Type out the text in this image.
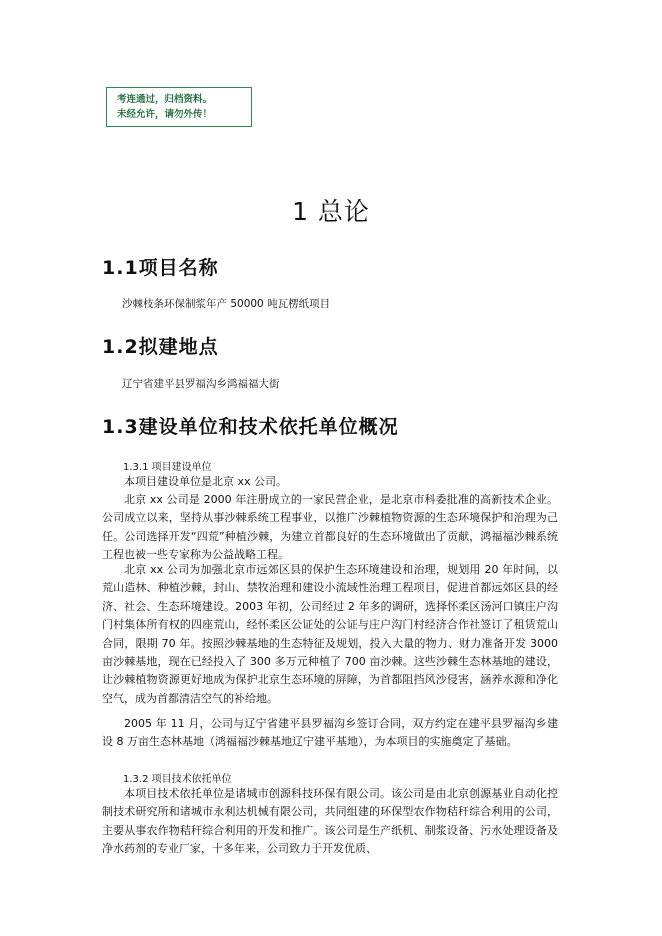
考连通过，归档资料。
未经允许，请勿外传！
1 总论
1.1项目名称
沙棘枝条环保制浆年产 50000 吨瓦楞纸项目
1.2拟建地点
辽宁省建平县罗福沟乡鸿福福大街
1.3建设单位和技术依托单位概况
1.3.1 项目建设单位

本项目建设单位是北京 xx 公司。

北京 xx 公司是 2000 年注册成立的一家民营企业，是北京市科委批准的高新技术企业。公司成立以来，坚持从事沙棘系统工程事业，以推广沙棘植物资源的生态环境保护和治理为己任。公司选择开发“四荒”种植沙棘，为建立首都良好的生态环境做出了贡献，鸿福福沙棘系统工程也被一些专家称为公益战略工程。

北京 xx 公司为加强北京市远郊区县的保护生态环境建设和治理，规划用 20 年时间，以荒山造林、种植沙棘，封山、禁牧治理和建设小流域性治理工程项目，促进首都远郊区县的经济、社会、生态环境建设。2003 年初，公司经过 2 年多的调研，选择怀柔区汤河口镇庄户沟门村集体所有权的四座荒山，经怀柔区公证处的公证与庄户沟门村经济合作社签订了租赁荒山合同，限期 70 年。按照沙棘基地的生态特征及规划，投入大量的物力、财力准备开发 3000 亩沙棘基地，现在已经投入了 300 多万元种植了 700 亩沙棘。这些沙棘生态林基地的建设，让沙棘植物资源更好地成为保护北京生态环境的屏障，为首都阻挡风沙侵害，涵养水源和净化空气，成为首都清洁空气的补给地。

2005 年 11 月，公司与辽宁省建平县罗福沟乡签订合同，双方约定在建平县罗福沟乡建设 8 万亩生态林基地（鸿福福沙棘基地辽宁建平基地），为本项目的实施奠定了基础。

1.3.2 项目技术依托单位

本项目技术依托单位是诸城市创源科技环保有限公司。该公司是由北京创源基业自动化控制技术研究所和诸城市永利达机械有限公司，共同组建的环保型农作物秸秆综合利用的公司，主要从事农作物秸秆综合利用的开发和推广。该公司是生产纸机、制浆设备、污水处理设备及净水药剂的专业厂家，十多年来，公司致力于开发优质、
